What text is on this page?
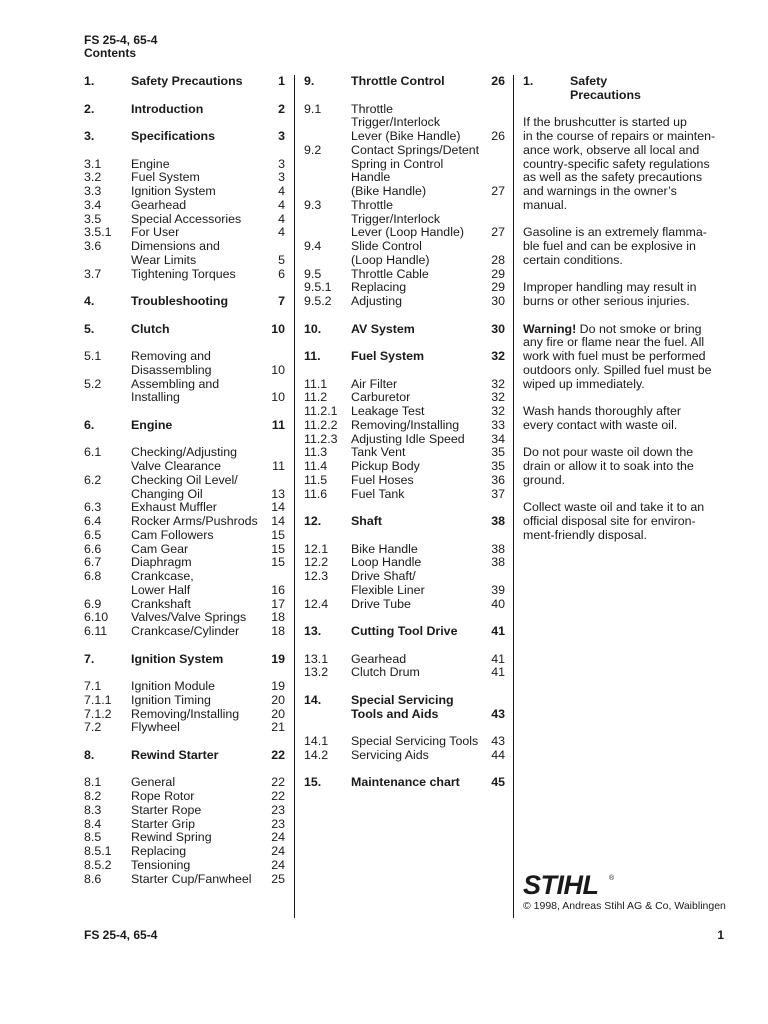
FS 25-4, 65-4
Contents
1.	Safety Precautions	1
2.	Introduction	2
3.	Specifications	3
3.1 Engine	3
3.2 Fuel System	3
3.3 Ignition System	4
3.4 Gearhead	4
3.5 Special Accessories	4
3.5.1 For User	4
3.6 Dimensions and
Wear Limits	5
3.7 Tightening Torques	6
4.	Troubleshooting	7
5.	Clutch	10
5.1 Removing and
Disassembling	10
5.2 Assembling and
Installing	10
6.	Engine	11
6.1 Checking/Adjusting
Valve Clearance	11
6.2 Checking Oil Level/
Changing Oil	13
6.3 Exhaust Muffler	14
6.4 Rocker Arms/Pushrods	14
6.5 Cam Followers	15
6.6 Cam Gear	15
6.7 Diaphragm	15
6.8 Crankcase,
Lower Half	16
6.9 Crankshaft	17
6.10 Valves/Valve Springs	18
6.11 Crankcase/Cylinder	18
7.	Ignition System	19
7.1 Ignition Module	19
7.1.1 Ignition Timing	20
7.1.2 Removing/Installing	20
7.2 Flywheel	21
8.	Rewind Starter	22
8.1 General	22
8.2 Rope Rotor	22
8.3 Starter Rope	23
8.4 Starter Grip	23
8.5 Rewind Spring	24
8.5.1 Replacing	24
8.5.2 Tensioning	24
8.6 Starter Cup/Fanwheel	25
9.	Throttle Control	26
9.1 Throttle Trigger/Interlock
Lever (Bike Handle)	26
9.2 Contact Springs/Detent
Spring in Control Handle
(Bike Handle)	27
9.3 Throttle Trigger/Interlock
Lever (Loop Handle)	27
9.4 Slide Control
(Loop Handle)	28
9.5 Throttle Cable	29
9.5.1 Replacing	29
9.5.2 Adjusting	30
10. AV System	30
11. Fuel System	32
11.1 Air Filter	32
11.2 Carburetor	32
11.2.1 Leakage Test	32
11.2.2 Removing/Installing	33
11.2.3 Adjusting Idle Speed	34
11.3 Tank Vent	35
11.4 Pickup Body	35
11.5 Fuel Hoses	36
11.6 Fuel Tank	37
12. Shaft	38
12.1 Bike Handle	38
12.2 Loop Handle	38
12.3 Drive Shaft/
Flexible Liner	39
12.4 Drive Tube	40
13. Cutting Tool Drive	41
13.1 Gearhead	41
13.2 Clutch Drum	41
14. Special Servicing
Tools and Aids	43
14.1 Special Servicing Tools	43
14.2 Servicing Aids	44
15. Maintenance chart	45
1.	Safety
Precautions
If the brushcutter is started up
in the course of repairs or mainten-
ance work, observe all local and
country-specific safety regulations
as well as the safety precautions
and warnings in the owner’s
manual.
Gasoline is an extremely flamma-
ble fuel and can be explosive in
certain conditions.
Improper handling may result in
burns or other serious injuries.
Warning! Do not smoke or bring
any fire or flame near the fuel. All
work with fuel must be performed
outdoors only. Spilled fuel must be
wiped up immediately.
Wash hands thoroughly after
every contact with waste oil.
Do not pour waste oil down the
drain or allow it to soak into the
ground.
Collect waste oil and take it to an
official disposal site for environ-
ment-friendly disposal.
STIHL ®
© 1998, Andreas Stihl AG & Co, Waiblingen
FS 25-4, 65-4	1
